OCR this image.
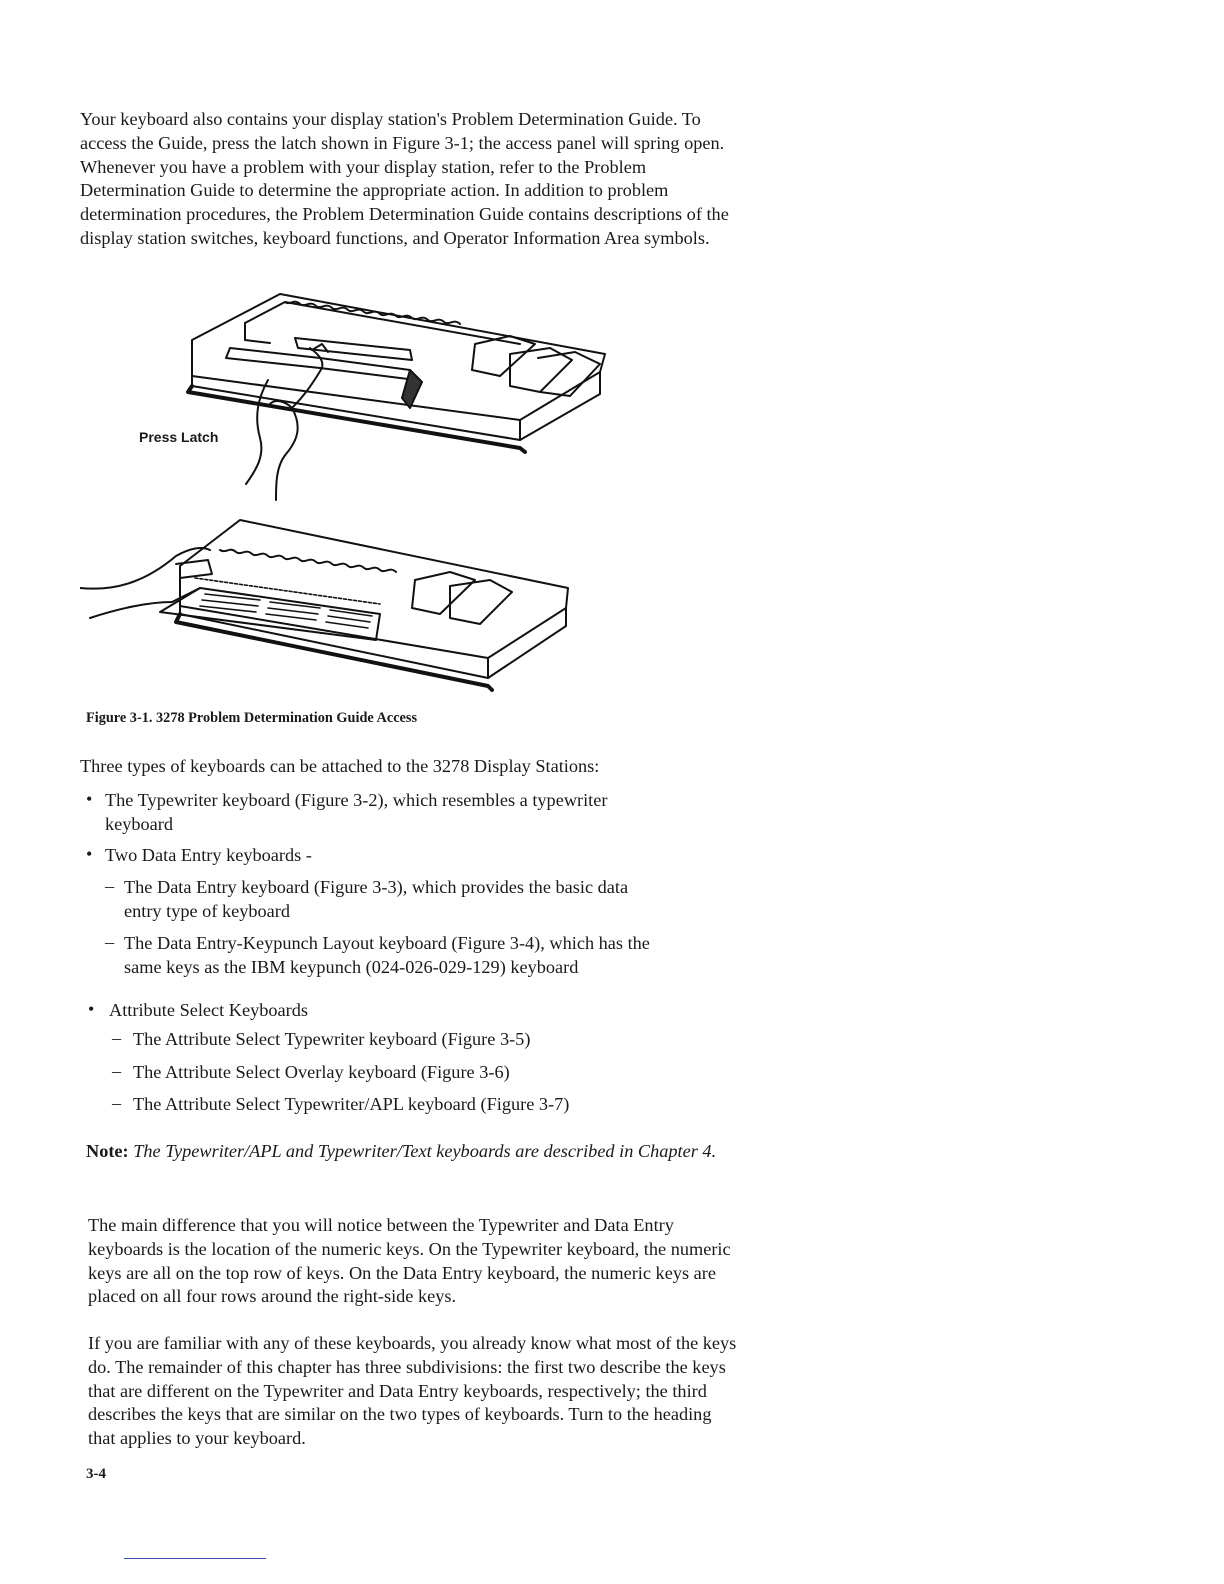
Your keyboard also contains your display station's Problem Determination Guide. To access the Guide, press the latch shown in Figure 3-1; the access panel will spring open. Whenever you have a problem with your display station, refer to the Problem Determination Guide to determine the appropriate action. In addition to problem determination procedures, the Problem Determination Guide contains descriptions of the display station switches, keyboard functions, and Operator Information Area symbols.

Press Latch
Figure 3-1. 3278 Problem Determination Guide Access

Three types of keyboards can be attached to the 3278 Display Stations:

• The Typewriter keyboard (Figure 3-2), which resembles a typewriter
keyboard
• Two Data Entry keyboards -
– The Data Entry keyboard (Figure 3-3), which provides the basic data
entry type of keyboard
– The Data Entry-Keypunch Layout keyboard (Figure 3-4), which has the
same keys as the IBM keypunch (024-026-029-129) keyboard
• Attribute Select Keyboards
– The Attribute Select Typewriter keyboard (Figure 3-5)
– The Attribute Select Overlay keyboard (Figure 3-6)
– The Attribute Select Typewriter/APL keyboard (Figure 3-7)
Note: The Typewriter/APL and Typewriter/Text keyboards are described in Chapter 4.

The main difference that you will notice between the Typewriter and Data Entry keyboards is the location of the numeric keys. On the Typewriter keyboard, the numeric keys are all on the top row of keys. On the Data Entry keyboard, the numeric keys are placed on all four rows around the right-side keys.

If you are familiar with any of these keyboards, you already know what most of the keys do. The remainder of this chapter has three subdivisions: the first two describe the keys that are different on the Typewriter and Data Entry keyboards, respectively; the third describes the keys that are similar on the two types of keyboards. Turn to the heading that applies to your keyboard.

3-4
